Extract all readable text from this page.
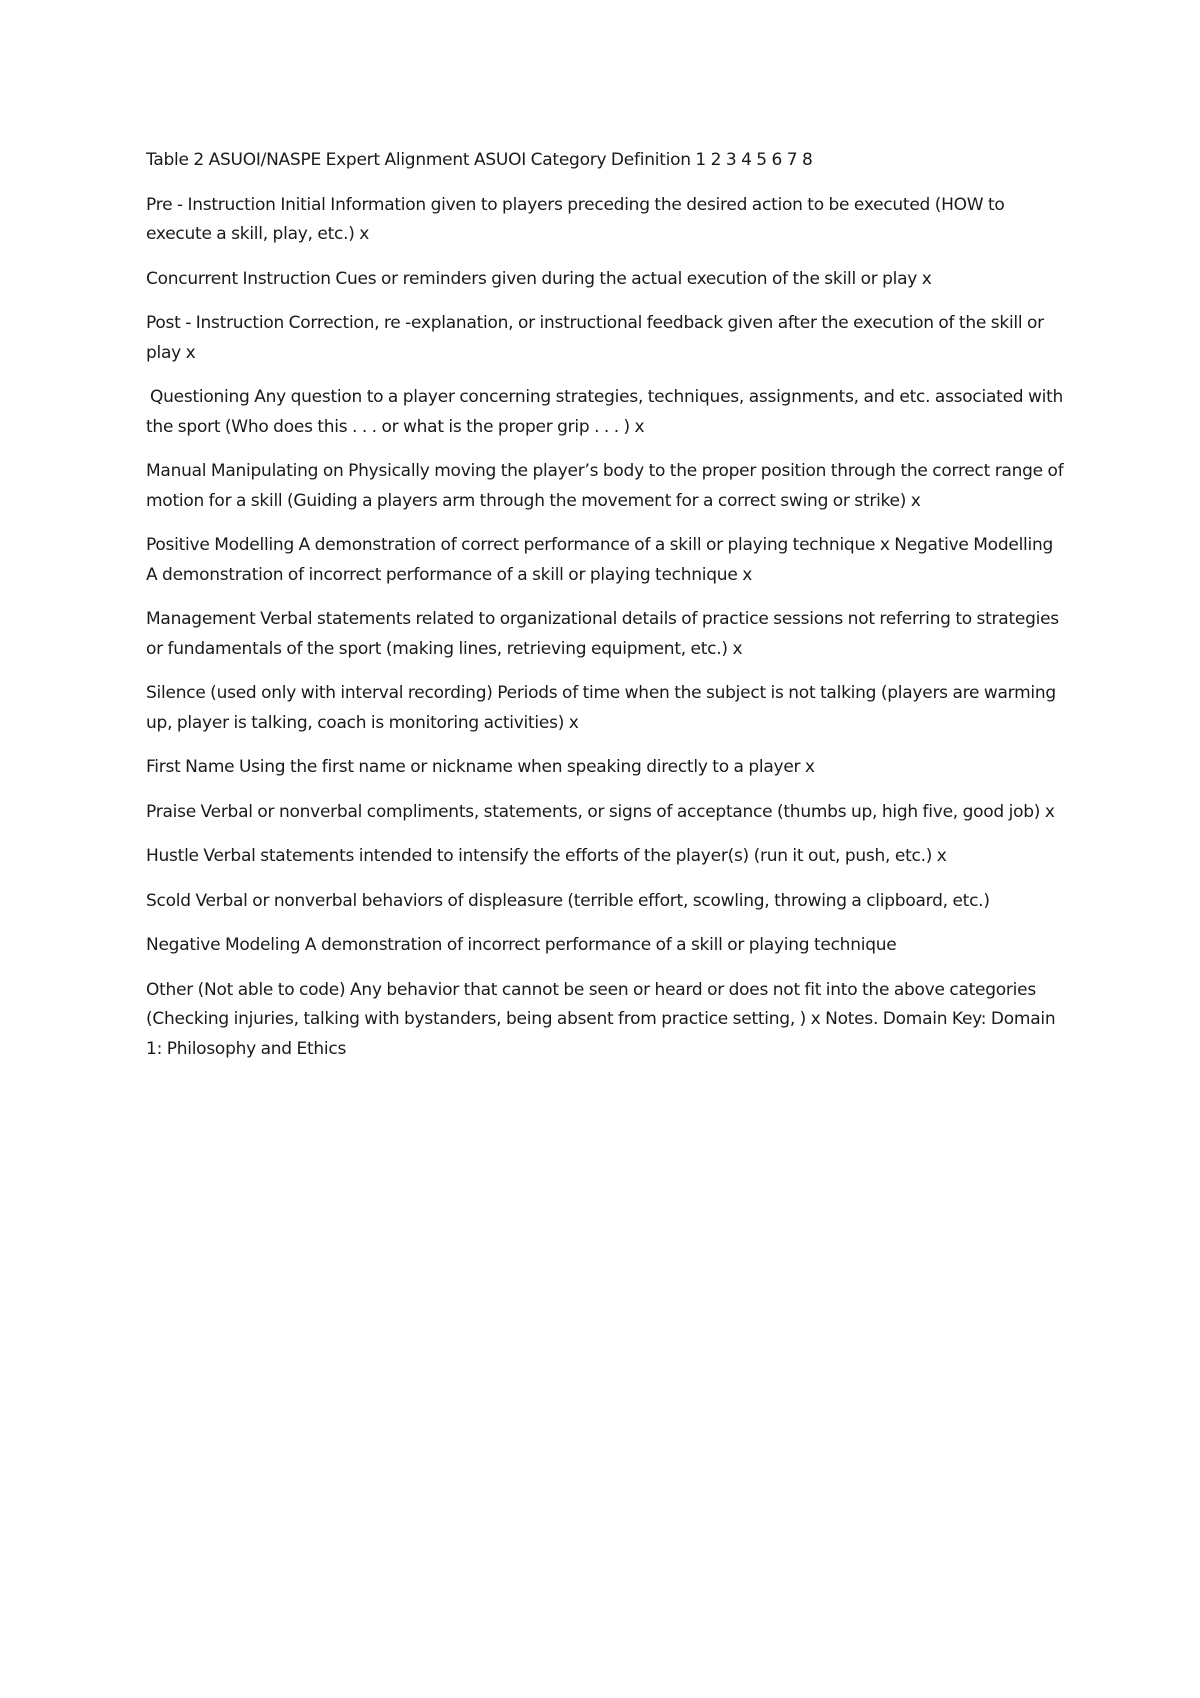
Table 2 ASUOI/NASPE Expert Alignment ASUOI Category Definition 1 2 3 4 5 6 7 8

Pre - Instruction Initial Information given to players preceding the desired action to be executed (HOW to execute a skill, play, etc.) x

Concurrent Instruction Cues or reminders given during the actual execution of the skill or play x

Post - Instruction Correction, re -explanation, or instructional feedback given after the execution of the skill or play x

Questioning Any question to a player concerning strategies, techniques, assignments, and etc. associated with the sport (Who does this . . . or what is the proper grip . . . ) x

Manual Manipulating on Physically moving the player’s body to the proper position through the correct range of motion for a skill (Guiding a players arm through the movement for a correct swing or strike) x

Positive Modelling A demonstration of correct performance of a skill or playing technique x Negative Modelling A demonstration of incorrect performance of a skill or playing technique x

Management Verbal statements related to organizational details of practice sessions not referring to strategies or fundamentals of the sport (making lines, retrieving equipment, etc.) x

Silence (used only with interval recording) Periods of time when the subject is not talking (players are warming up, player is talking, coach is monitoring activities) x

First Name Using the first name or nickname when speaking directly to a player x

Praise Verbal or nonverbal compliments, statements, or signs of acceptance (thumbs up, high five, good job) x

Hustle Verbal statements intended to intensify the efforts of the player(s) (run it out, push, etc.) x

Scold Verbal or nonverbal behaviors of displeasure (terrible effort, scowling, throwing a clipboard, etc.)

Negative Modeling A demonstration of incorrect performance of a skill or playing technique

Other (Not able to code) Any behavior that cannot be seen or heard or does not fit into the above categories (Checking injuries, talking with bystanders, being absent from practice setting, ) x Notes. Domain Key: Domain 1: Philosophy and Ethics
